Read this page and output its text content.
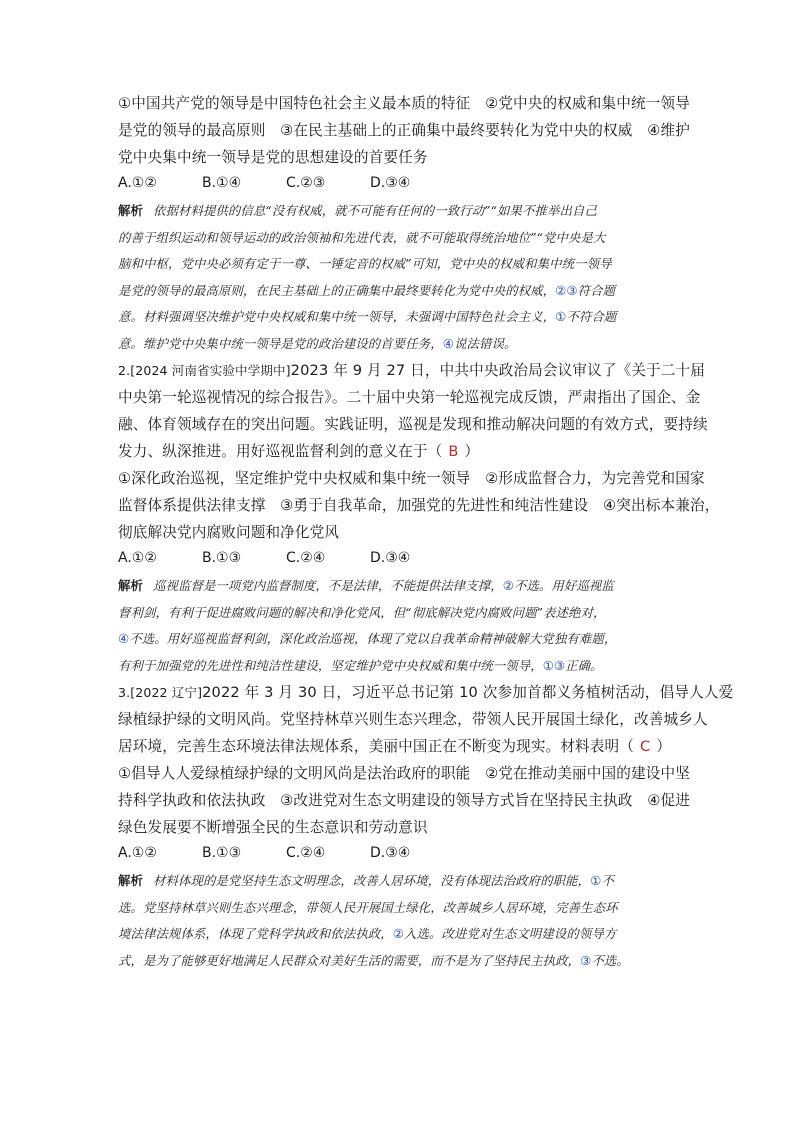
①中国共产党的领导是中国特色社会主义最本质的特征　②党中央的权威和集中统一领导
是党的领导的最高原则　③在民主基础上的正确集中最终要转化为党中央的权威　④维护
党中央集中统一领导是党的思想建设的首要任务
A.①②	B.①④	C.②③	D.③④
解析 依据材料提供的信息“没有权威，就不可能有任何的一致行动”“如果不推举出自己
的善于组织运动和领导运动的政治领袖和先进代表，就不可能取得统治地位”“党中央是大
脑和中枢，党中央必须有定于一尊、一锤定音的权威”可知，党中央的权威和集中统一领导
是党的领导的最高原则，在民主基础上的正确集中最终要转化为党中央的权威，②③符合题
意。材料强调坚决维护党中央权威和集中统一领导，未强调中国特色社会主义，①不符合题
意。维护党中央集中统一领导是党的政治建设的首要任务，④说法错误。
2.[2024 河南省实验中学期中]2023 年 9 月 27 日，中共中央政治局会议审议了《关于二十届
中央第一轮巡视情况的综合报告》。二十届中央第一轮巡视完成反馈，严肃指出了国企、金
融、体育领域存在的突出问题。实践证明，巡视是发现和推动解决问题的有效方式，要持续
发力、纵深推进。用好巡视监督利剑的意义在于（ B ）
①深化政治巡视，坚定维护党中央权威和集中统一领导　②形成监督合力，为完善党和国家
监督体系提供法律支撑　③勇于自我革命，加强党的先进性和纯洁性建设　④突出标本兼治，
彻底解决党内腐败问题和净化党风
A.①②	B.①③	C.②④	D.③④
解析 巡视监督是一项党内监督制度，不是法律，不能提供法律支撑，②不选。用好巡视监
督利剑，有利于促进腐败问题的解决和净化党风，但“彻底解决党内腐败问题”表述绝对，
④不选。用好巡视监督利剑，深化政治巡视，体现了党以自我革命精神破解大党独有难题，
有利于加强党的先进性和纯洁性建设，坚定维护党中央权威和集中统一领导，①③正确。
3.[2022 辽宁]2022 年 3 月 30 日，习近平总书记第 10 次参加首都义务植树活动，倡导人人爱
绿植绿护绿的文明风尚。党坚持林草兴则生态兴理念，带领人民开展国土绿化，改善城乡人
居环境，完善生态环境法律法规体系，美丽中国正在不断变为现实。材料表明（ C ）
①倡导人人爱绿植绿护绿的文明风尚是法治政府的职能　②党在推动美丽中国的建设中坚
持科学执政和依法执政　③改进党对生态文明建设的领导方式旨在坚持民主执政　④促进
绿色发展要不断增强全民的生态意识和劳动意识
A.①②	B.①③	C.②④	D.③④
解析 材料体现的是党坚持生态文明理念，改善人居环境，没有体现法治政府的职能，①不
选。党坚持林草兴则生态兴理念，带领人民开展国土绿化，改善城乡人居环境，完善生态环
境法律法规体系，体现了党科学执政和依法执政，②入选。改进党对生态文明建设的领导方
式，是为了能够更好地满足人民群众对美好生活的需要，而不是为了坚持民主执政，③不选。
